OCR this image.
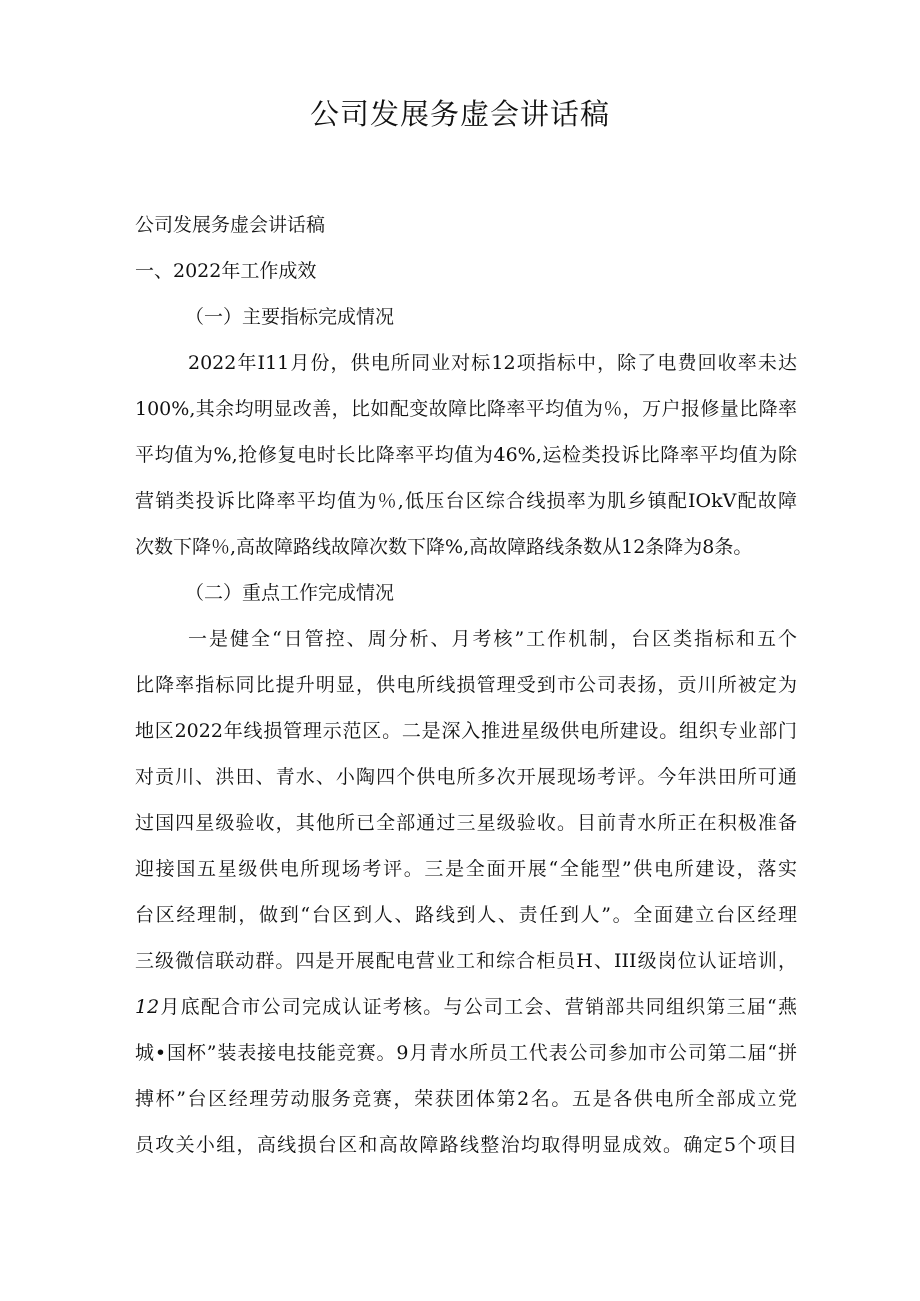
公司发展务虚会讲话稿

公司发展务虚会讲话稿

一、2022年工作成效

（一）主要指标完成情况

2022年I11月份，供电所同业对标12项指标中，除了电费回收率未达

100%,其余均明显改善，比如配变故障比降率平均值为％，万户报修量比降率

平均值为%,抢修复电时长比降率平均值为46%,运检类投诉比降率平均值为除

营销类投诉比降率平均值为％,低压台区综合线损率为肌乡镇配IOkV配故障

次数下降％,高故障路线故障次数下降%,高故障路线条数从12条降为8条。

（二）重点工作完成情况

一是健全“日管控、周分析、月考核”工作机制，台区类指标和五个

比降率指标同比提升明显，供电所线损管理受到市公司表扬，贡川所被定为

地区2022年线损管理示范区。二是深入推进星级供电所建设。组织专业部门

对贡川、洪田、青水、小陶四个供电所多次开展现场考评。今年洪田所可通

过国四星级验收，其他所已全部通过三星级验收。目前青水所正在积极准备

迎接国五星级供电所现场考评。三是全面开展“全能型”供电所建设，落实

台区经理制，做到“台区到人、路线到人、责任到人”。全面建立台区经理

三级微信联动群。四是开展配电营业工和综合柜员H、III级岗位认证培训，

12月底配合市公司完成认证考核。与公司工会、营销部共同组织第三届“燕

城•国杯”装表接电技能竞赛。9月青水所员工代表公司参加市公司第二届“拼

搏杯”台区经理劳动服务竞赛，荣获团体第2名。五是各供电所全部成立党

员攻关小组，高线损台区和高故障路线整治均取得明显成效。确定5个项目
